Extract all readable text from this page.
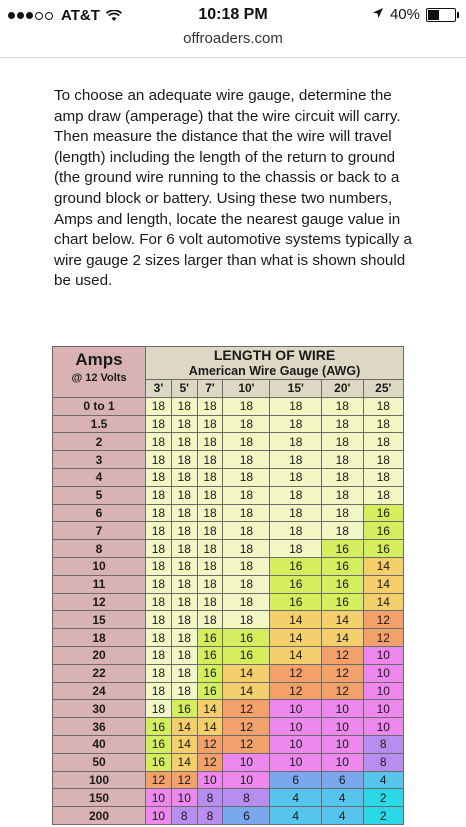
AT&T	10:18 PM	40%
offroaders.com

To choose an adequate wire gauge, determine the amp draw (amperage) that the wire circuit will carry. Then measure the distance that the wire will travel (length) including the length of the return to ground (the ground wire running to the chassis or back to a ground block or battery. Using these two numbers, Amps and length, locate the nearest gauge value in chart below. For 6 volt automotive systems typically a wire gauge 2 sizes larger than what is shown should be used.

Amps
@ 12 Volts	LENGTH OF WIRE
American Wire Gauge (AWG)						

	3'	5'	7'	10'	15'	20'	25'
0 to 1	18	18	18	18	18	18	18
1.5	18	18	18	18	18	18	18
2	18	18	18	18	18	18	18
3	18	18	18	18	18	18	18
4	18	18	18	18	18	18	18
5	18	18	18	18	18	18	18
6	18	18	18	18	18	18	16
7	18	18	18	18	18	18	16
8	18	18	18	18	18	16	16
10	18	18	18	18	16	16	14
11	18	18	18	18	16	16	14
12	18	18	18	18	16	16	14
15	18	18	18	18	14	14	12
18	18	18	16	16	14	14	12
20	18	18	16	16	14	12	10
22	18	18	16	14	12	12	10
24	18	18	16	14	12	12	10
30	18	16	14	12	10	10	10
36	16	14	14	12	10	10	10
40	16	14	12	12	10	10	8
50	16	14	12	10	10	10	8
100	12	12	10	10	6	6	4
150	10	10	8	8	4	4	2
200	10	8	8	6	4	4	2
